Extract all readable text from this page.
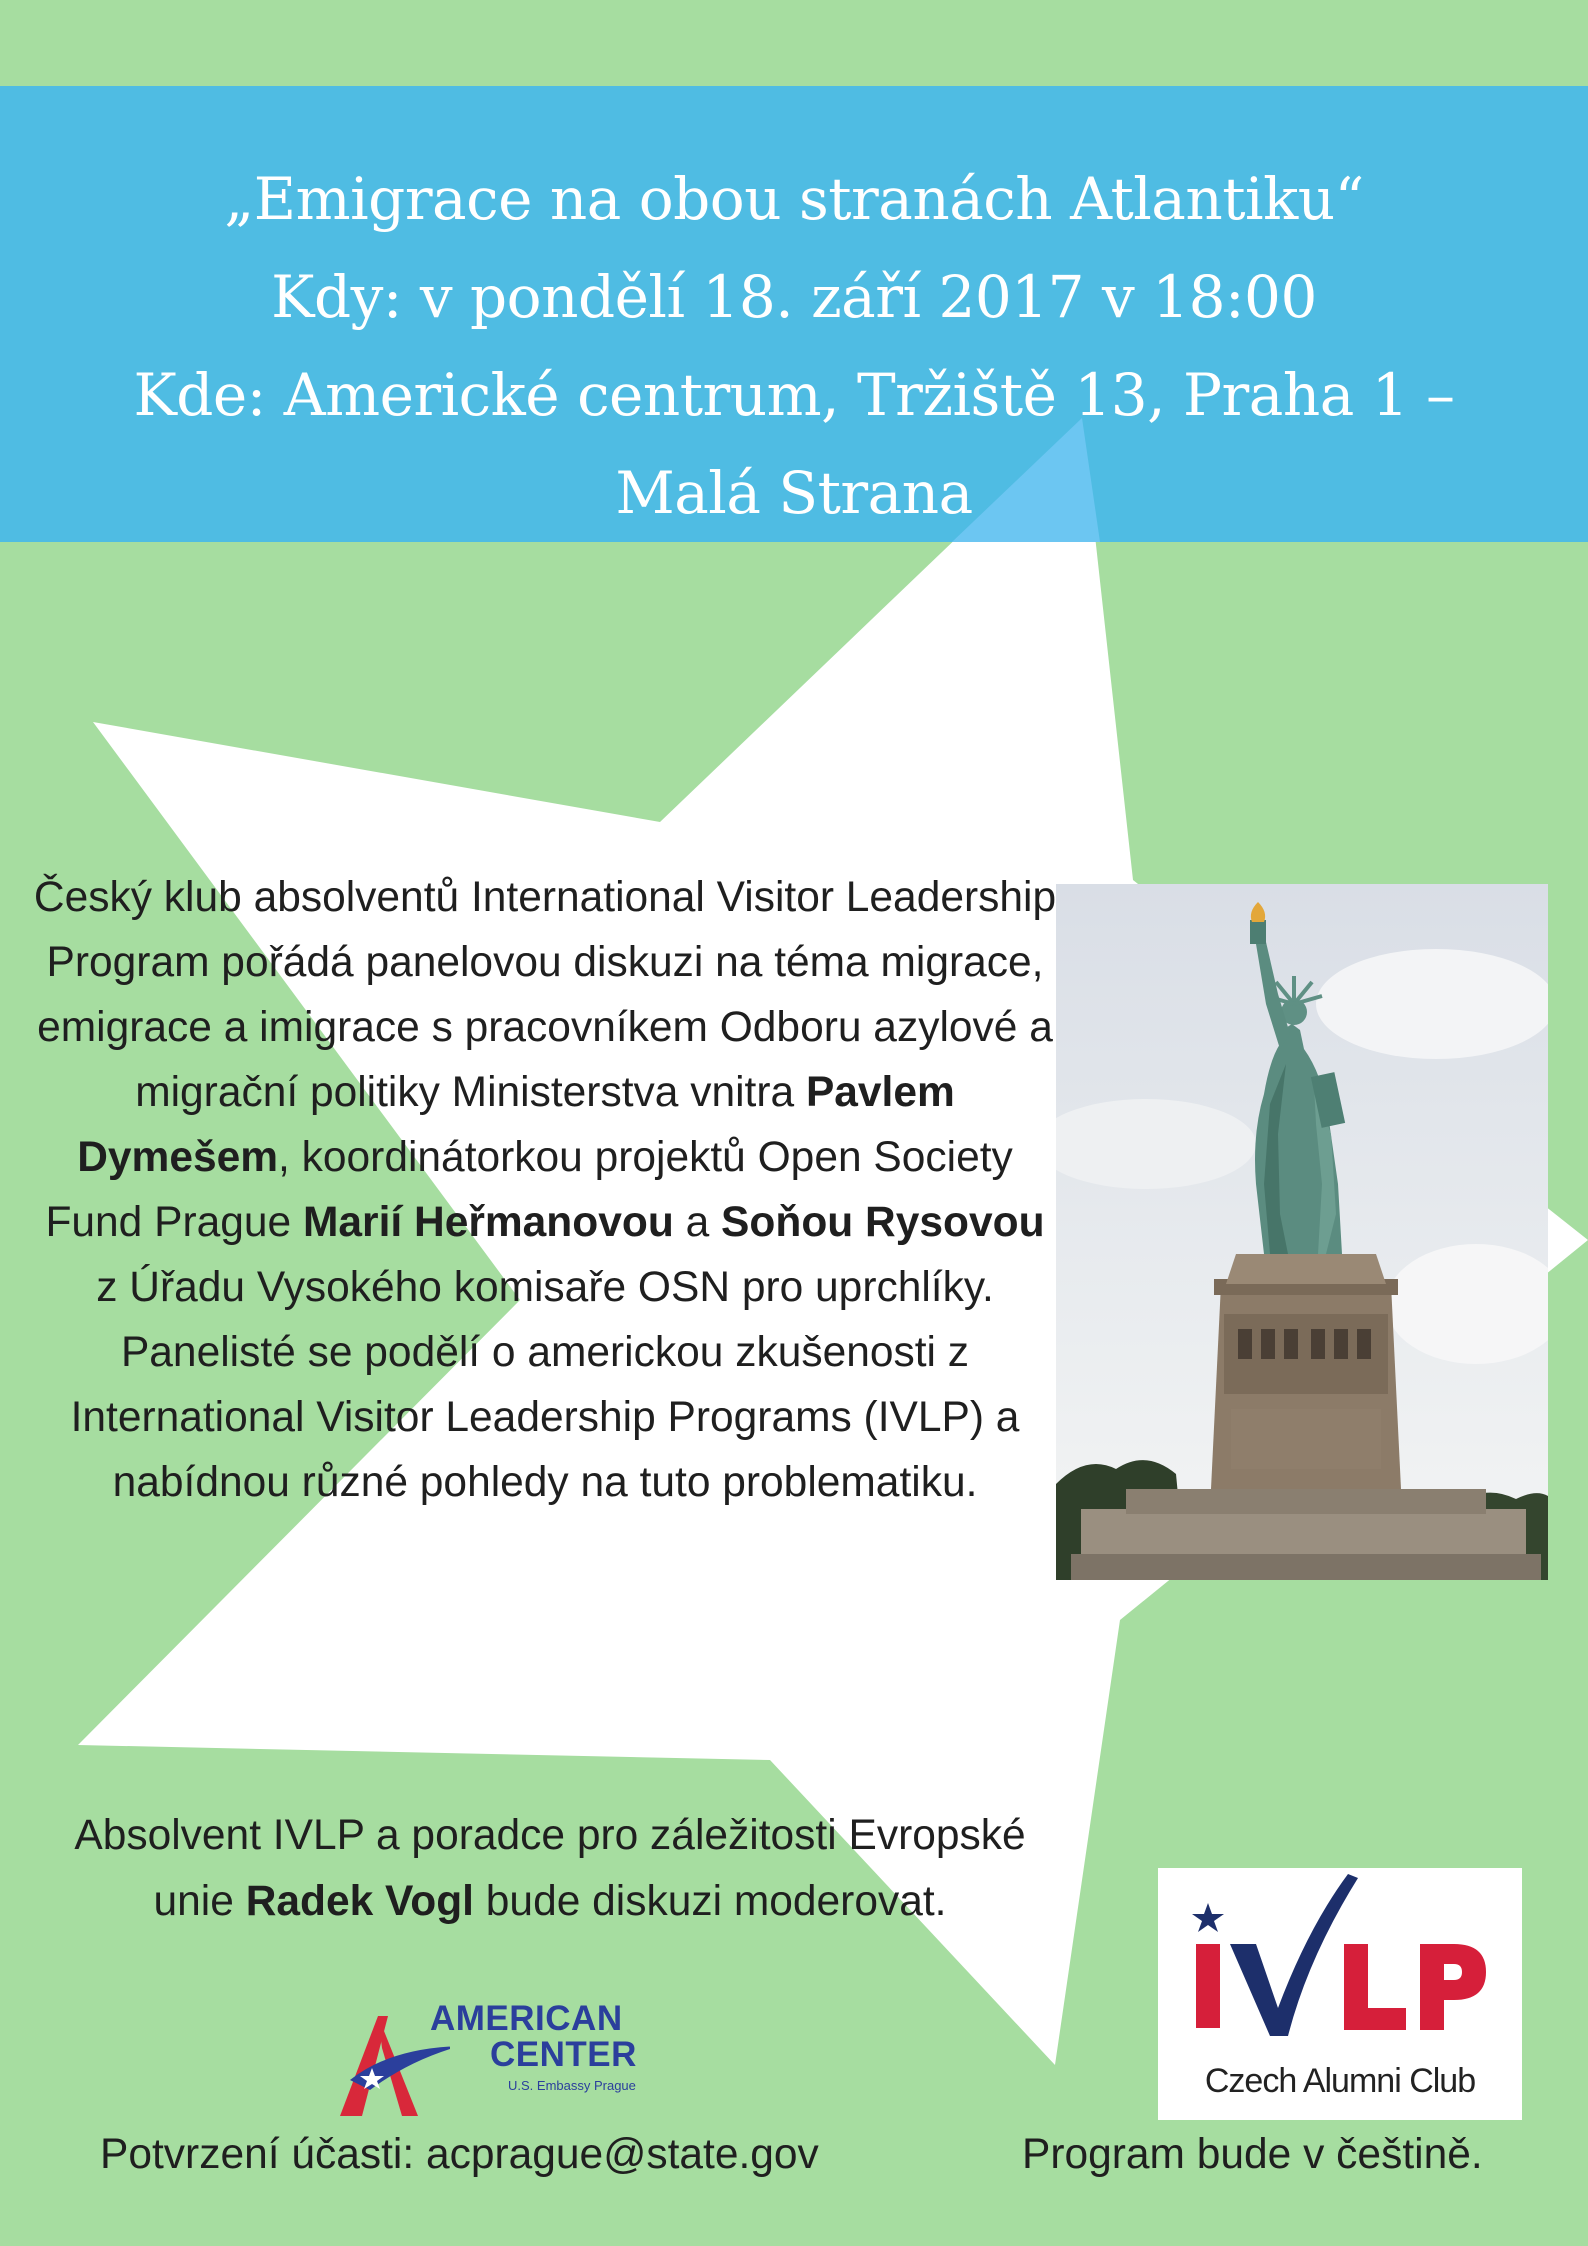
„Emigrace na obou stranách Atlantiku“
Kdy: v pondělí 18. září 2017 v 18:00
Kde: Americké centrum, Tržiště 13, Praha 1 –
Malá Strana
Český klub absolventů International Visitor Leadership Program pořádá panelovou diskuzi na téma migrace, emigrace a imigrace s pracovníkem Odboru azylové a migrační politiky Ministerstva vnitra Pavlem Dymešem, koordinátorkou projektů Open Society Fund Prague Marií Heřmanovou a Soňou Rysovou z Úřadu Vysokého komisaře OSN pro uprchlíky. Panelisté se podělí o americkou zkušenosti z International Visitor Leadership Programs (IVLP) a nabídnou různé pohledy na tuto problematiku.
Absolvent IVLP a poradce pro záležitosti Evropské unie Radek Vogl bude diskuzi moderovat.
AMERICAN
CENTER
U.S. Embassy Prague
Potvrzení účasti: acprague@state.gov
Czech Alumni Club
Program bude v češtině.
